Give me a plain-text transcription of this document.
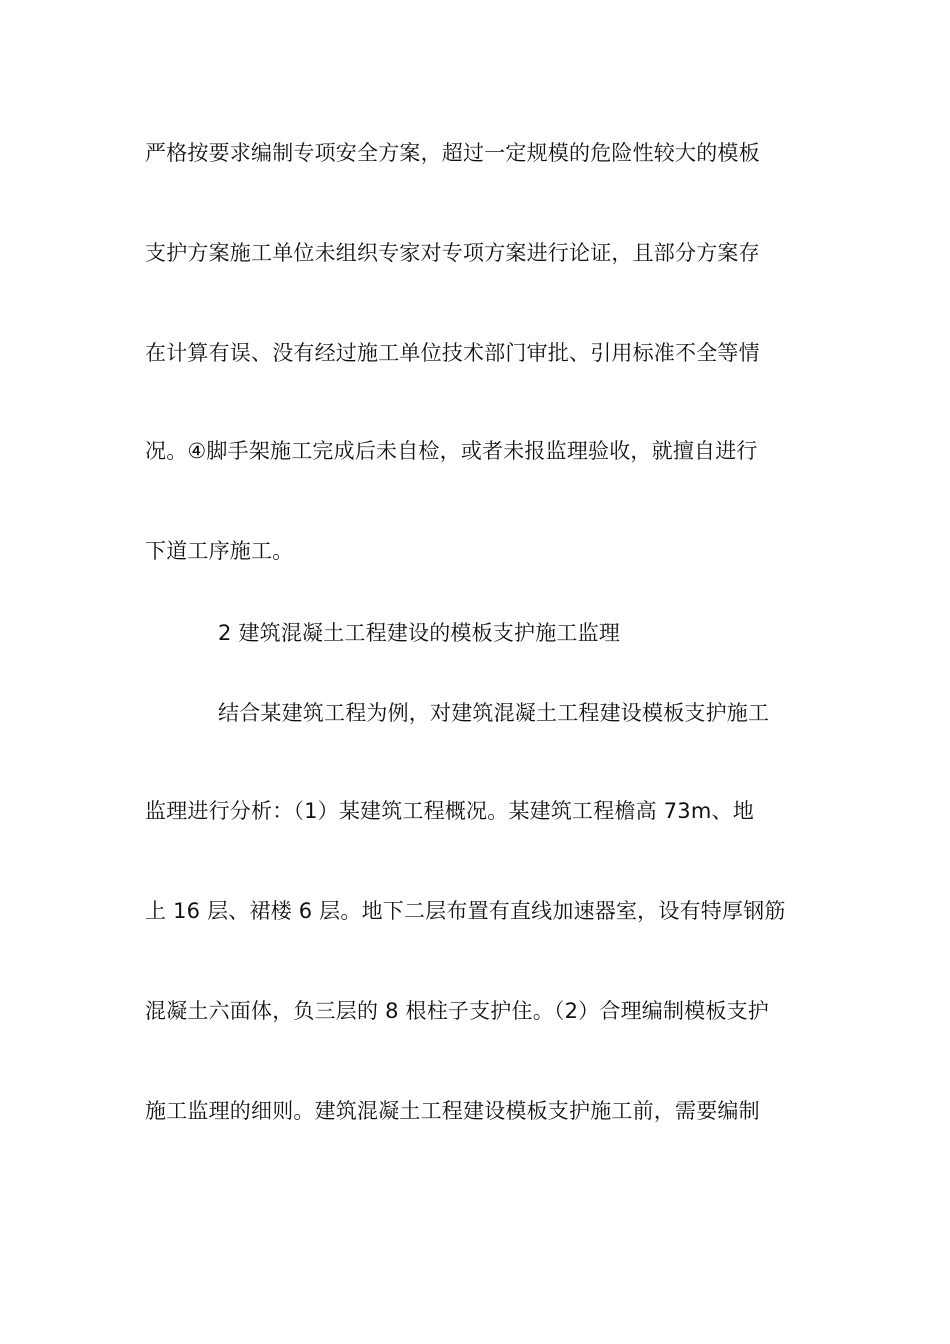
严格按要求编制专项安全方案，超过一定规模的危险性较大的模板
支护方案施工单位未组织专家对专项方案进行论证，且部分方案存
在计算有误、没有经过施工单位技术部门审批、引用标准不全等情
况。④脚手架施工完成后未自检，或者未报监理验收，就擅自进行
下道工序施工。
2 建筑混凝土工程建设的模板支护施工监理
结合某建筑工程为例，对建筑混凝土工程建设模板支护施工
监理进行分析：（1）某建筑工程概况。某建筑工程檐高 73m、地
上 16 层、裙楼 6 层。地下二层布置有直线加速器室，设有特厚钢筋
混凝土六面体，负三层的 8 根柱子支护住。（2）合理编制模板支护
施工监理的细则。建筑混凝土工程建设模板支护施工前，需要编制
